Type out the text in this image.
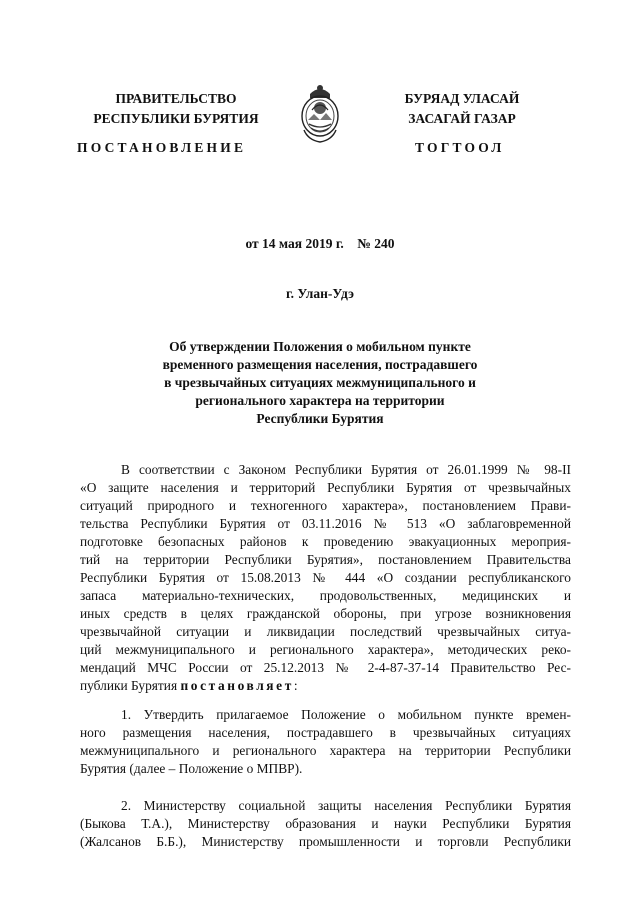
ПРАВИТЕЛЬСТВО
РЕСПУБЛИКИ БУРЯТИЯ
БУРЯАД УЛАСАЙ
ЗАСАГАЙ ГАЗАР
ПОСТАНОВЛЕНИЕ	ТОГТООЛ
от 14 мая 2019 г.    № 240
г. Улан-Удэ
Об утверждении Положения о мобильном пункте
временного размещения населения, пострадавшего
в чрезвычайных ситуациях межмуниципального и
регионального характера на территории
Республики Бурятия
В соответствии с Законом Республики Бурятия от 26.01.1999 № 98-II
«О защите населения и территорий Республики Бурятия от чрезвычайных
ситуаций природного и техногенного характера», постановлением Прави-
тельства Республики Бурятия от 03.11.2016 № 513 «О заблаговременной
подготовке безопасных районов к проведению эвакуационных мероприя-
тий на территории Республики Бурятия», постановлением Правительства
Республики Бурятия от 15.08.2013 № 444 «О создании республиканского
запаса материально-технических, продовольственных, медицинских и
иных средств в целях гражданской обороны, при угрозе возникновения
чрезвычайной ситуации и ликвидации последствий чрезвычайных ситуа-
ций межмуниципального и регионального характера», методических реко-
мендаций МЧС России от 25.12.2013 № 2-4-87-37-14 Правительство Рес-
публики Бурятия постановляет:
1. Утвердить прилагаемое Положение о мобильном пункте времен-
ного размещения населения, пострадавшего в чрезвычайных ситуациях
межмуниципального и регионального характера на территории Республики
Бурятия (далее – Положение о МПВР).
2. Министерству социальной защиты населения Республики Бурятия
(Быкова Т.А.), Министерству образования и науки Республики Бурятия
(Жалсанов Б.Б.), Министерству промышленности и торговли Республики
